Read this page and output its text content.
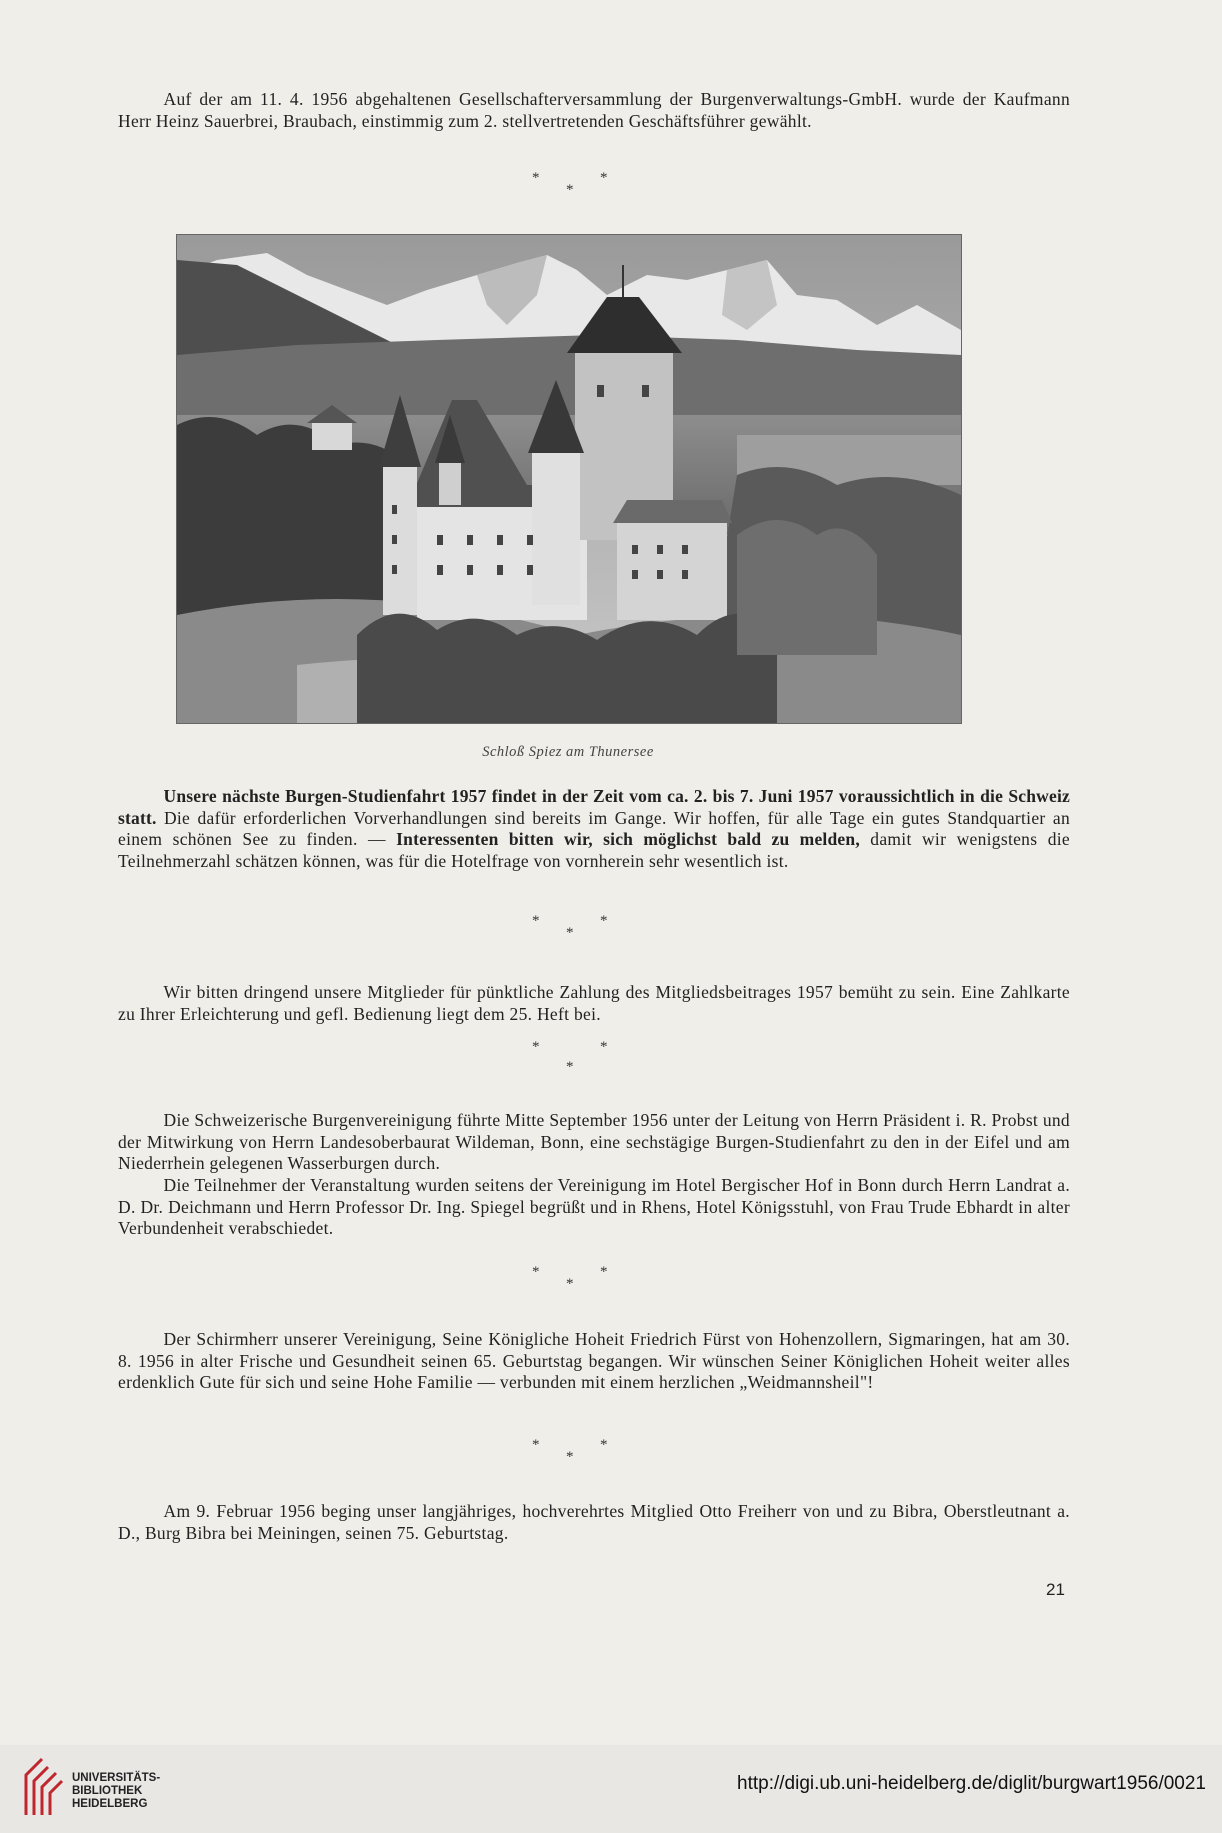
Auf der am 11. 4. 1956 abgehaltenen Gesellschafterversammlung der Burgenverwaltungs-GmbH. wurde der Kaufmann Herr Heinz Sauerbrei, Braubach, einstimmig zum 2. stellvertretenden Geschäftsführer gewählt.

*	*
*
Schloß Spiez am Thunersee

Unsere nächste Burgen-Studienfahrt 1957 findet in der Zeit vom ca. 2. bis 7. Juni 1957 voraussichtlich in die Schweiz statt. Die dafür erforderlichen Vorverhandlungen sind bereits im Gange. Wir hoffen, für alle Tage ein gutes Standquartier an einem schönen See zu finden. — Interessenten bitten wir, sich möglichst bald zu melden, damit wir wenigstens die Teilnehmerzahl schätzen können, was für die Hotelfrage von vornherein sehr wesentlich ist.

*	*
*

Wir bitten dringend unsere Mitglieder für pünktliche Zahlung des Mitgliedsbeitrages 1957 bemüht zu sein. Eine Zahlkarte zu Ihrer Erleichterung und gefl. Bedienung liegt dem 25. Heft bei.

*	*
*

Die Schweizerische Burgenvereinigung führte Mitte September 1956 unter der Leitung von Herrn Präsident i. R. Probst und der Mitwirkung von Herrn Landesoberbaurat Wildeman, Bonn, eine sechstägige Burgen-Studienfahrt zu den in der Eifel und am Niederrhein gelegenen Wasserburgen durch.

Die Teilnehmer der Veranstaltung wurden seitens der Vereinigung im Hotel Bergischer Hof in Bonn durch Herrn Landrat a. D. Dr. Deichmann und Herrn Professor Dr. Ing. Spiegel begrüßt und in Rhens, Hotel Königsstuhl, von Frau Trude Ebhardt in alter Verbundenheit verabschiedet.

*	*
*

Der Schirmherr unserer Vereinigung, Seine Königliche Hoheit Friedrich Fürst von Hohenzollern, Sigmaringen, hat am 30. 8. 1956 in alter Frische und Gesundheit seinen 65. Geburtstag begangen. Wir wünschen Seiner Königlichen Hoheit weiter alles erdenklich Gute für sich und seine Hohe Familie — verbunden mit einem herzlichen „Weidmannsheil"!

*	*
*

Am 9. Februar 1956 beging unser langjähriges, hochverehrtes Mitglied Otto Freiherr von und zu Bibra, Oberstleutnant a. D., Burg Bibra bei Meiningen, seinen 75. Geburtstag.

21
UNIVERSITÄTS-
BIBLIOTHEK
HEIDELBERG
http://digi.ub.uni-heidelberg.de/diglit/burgwart1956/0021
